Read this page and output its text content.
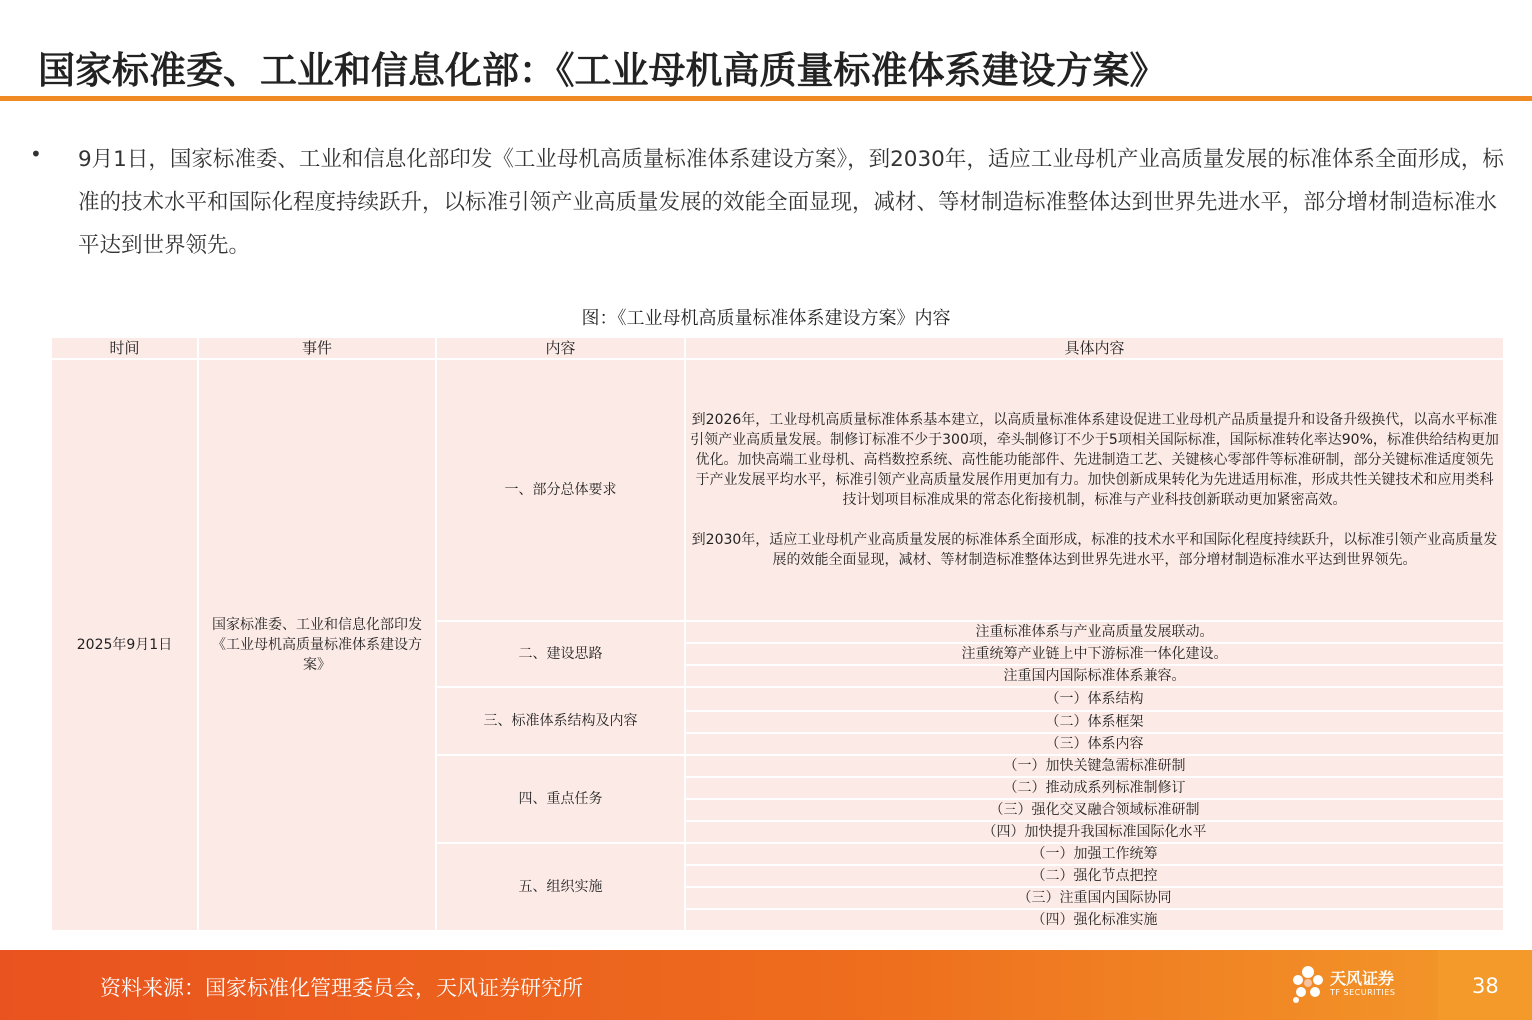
国家标准委、工业和信息化部：《工业母机高质量标准体系建设方案》
• 9月1日，国家标准委、工业和信息化部印发《工业母机高质量标准体系建设方案》，到2030年，适应工业母机产业高质量发展的标准体系全面形成，标准的技术水平和国际化程度持续跃升，以标准引领产业高质量发展的效能全面显现，减材、等材制造标准整体达到世界先进水平，部分增材制造标准水平达到世界领先。
图：《工业母机高质量标准体系建设方案》内容
时间	事件	内容	具体内容
2025年9月1日	国家标准委、工业和信息化部印发《工业母机高质量标准体系建设方案》	一、部分总体要求	到2026年，工业母机高质量标准体系基本建立，以高质量标准体系建设促进工业母机产品质量提升和设备升级换代，以高水平标准引领产业高质量发展。制修订标准不少于300项，牵头制修订不少于5项相关国际标准，国际标准转化率达90%，标准供给结构更加优化。加快高端工业母机、高档数控系统、高性能功能部件、先进制造工艺、关键核心零部件等标准研制，部分关键标准适度领先于产业发展平均水平，标准引领产业高质量发展作用更加有力。加快创新成果转化为先进适用标准，形成共性关键技术和应用类科技计划项目标准成果的常态化衔接机制，标准与产业科技创新联动更加紧密高效。

到2030年，适应工业母机产业高质量发展的标准体系全面形成，标准的技术水平和国际化程度持续跃升，以标准引领产业高质量发展的效能全面显现，减材、等材制造标准整体达到世界先进水平，部分增材制造标准水平达到世界领先。

		二、建设思路	注重标准体系与产业高质量发展联动。
			注重统筹产业链上中下游标准一体化建设。
			注重国内国际标准体系兼容。
		三、标准体系结构及内容	（一）体系结构
			（二）体系框架
			（三）体系内容
		四、重点任务	（一）加快关键急需标准研制
			（二）推动成系列标准制修订
			（三）强化交叉融合领域标准研制
			（四）加快提升我国标准国际化水平
		五、组织实施	（一）加强工作统筹
			（二）强化节点把控
			（三）注重国内国际协同
			（四）强化标准实施
资料来源：国家标准化管理委员会，天风证券研究所	天风证券
TF SECURITIES	38
